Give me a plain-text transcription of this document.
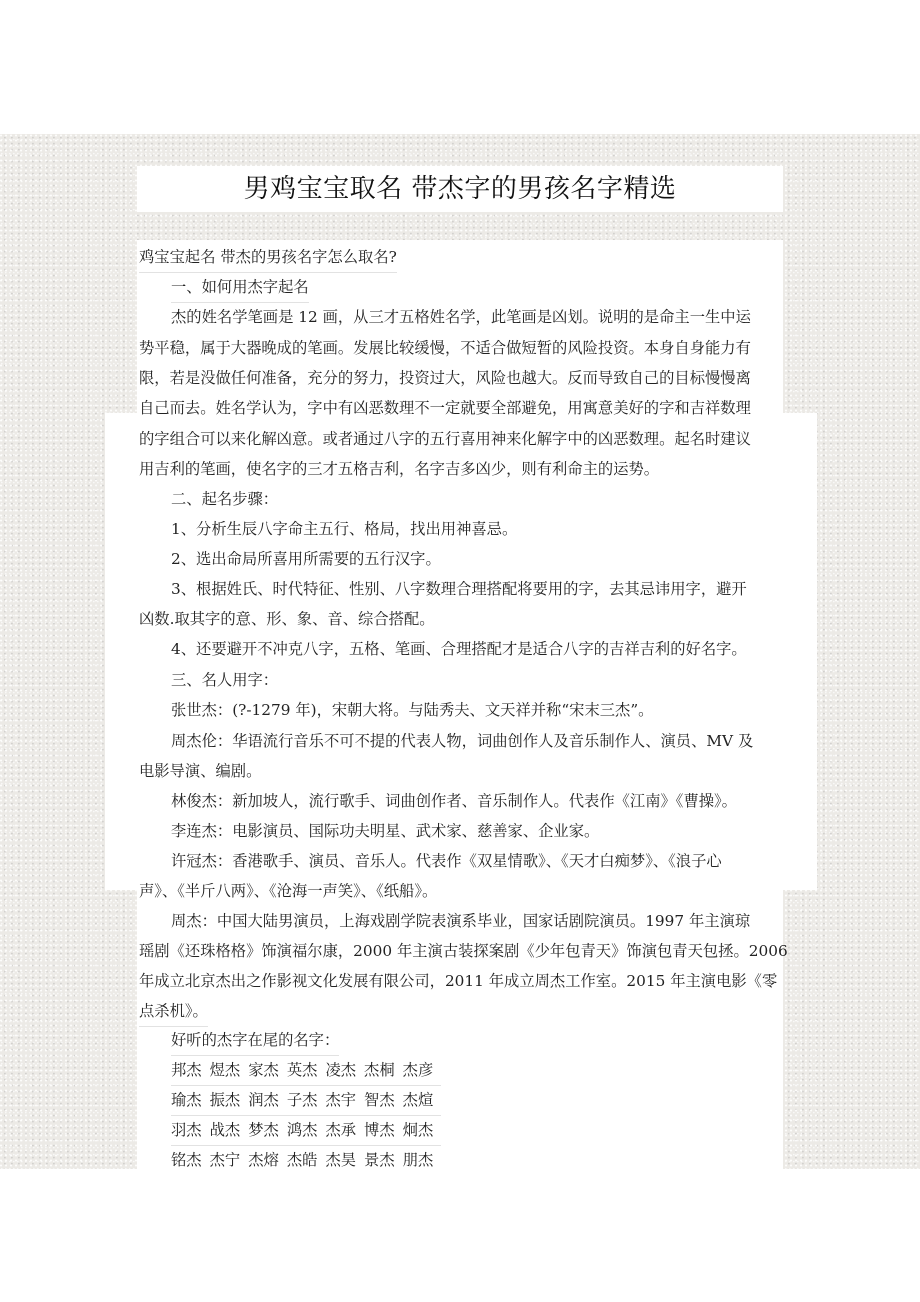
男鸡宝宝取名 带杰字的男孩名字精选
鸡宝宝起名 带杰的男孩名字怎么取名?
一、如何用杰字起名
杰的姓名学笔画是 12 画，从三才五格姓名学，此笔画是凶划。说明的是命主一生中运
势平稳，属于大器晚成的笔画。发展比较缓慢，不适合做短暂的风险投资。本身自身能力有
限，若是没做任何准备，充分的努力，投资过大，风险也越大。反而导致自己的目标慢慢离
自己而去。姓名学认为，字中有凶恶数理不一定就要全部避免，用寓意美好的字和吉祥数理
的字组合可以来化解凶意。或者通过八字的五行喜用神来化解字中的凶恶数理。起名时建议
用吉利的笔画，使名字的三才五格吉利，名字吉多凶少，则有利命主的运势。
二、起名步骤：
1、分析生辰八字命主五行、格局，找出用神喜忌。
2、选出命局所喜用所需要的五行汉字。
3、根据姓氏、时代特征、性别、八字数理合理搭配将要用的字，去其忌讳用字，避开
凶数.取其字的意、形、象、音、综合搭配。
4、还要避开不冲克八字，五格、笔画、合理搭配才是适合八字的吉祥吉利的好名字。
三、名人用字：
张世杰：(?-1279 年)，宋朝大将。与陆秀夫、文天祥并称“宋末三杰”。
周杰伦：华语流行音乐不可不提的代表人物，词曲创作人及音乐制作人、演员、MV 及
电影导演、编剧。
林俊杰：新加坡人，流行歌手、词曲创作者、音乐制作人。代表作《江南》《曹操》。
李连杰：电影演员、国际功夫明星、武术家、慈善家、企业家。
许冠杰：香港歌手、演员、音乐人。代表作《双星情歌》、《天才白痴梦》、《浪子心
声》、《半斤八两》、《沧海一声笑》、《纸船》。
周杰：中国大陆男演员，上海戏剧学院表演系毕业，国家话剧院演员。1997 年主演琼
瑶剧《还珠格格》饰演福尔康，2000 年主演古装探案剧《少年包青天》饰演包青天包拯。2006
年成立北京杰出之作影视文化发展有限公司，2011 年成立周杰工作室。2015 年主演电影《零
点杀机》。
好听的杰字在尾的名字：
邦杰 煜杰 家杰 英杰 凌杰 杰桐 杰彦
瑜杰 振杰 润杰 子杰 杰宇 智杰 杰煊
羽杰 战杰 梦杰 鸿杰 杰承 博杰 炯杰
铭杰 杰宁 杰熔 杰皓 杰昊 景杰 朋杰
